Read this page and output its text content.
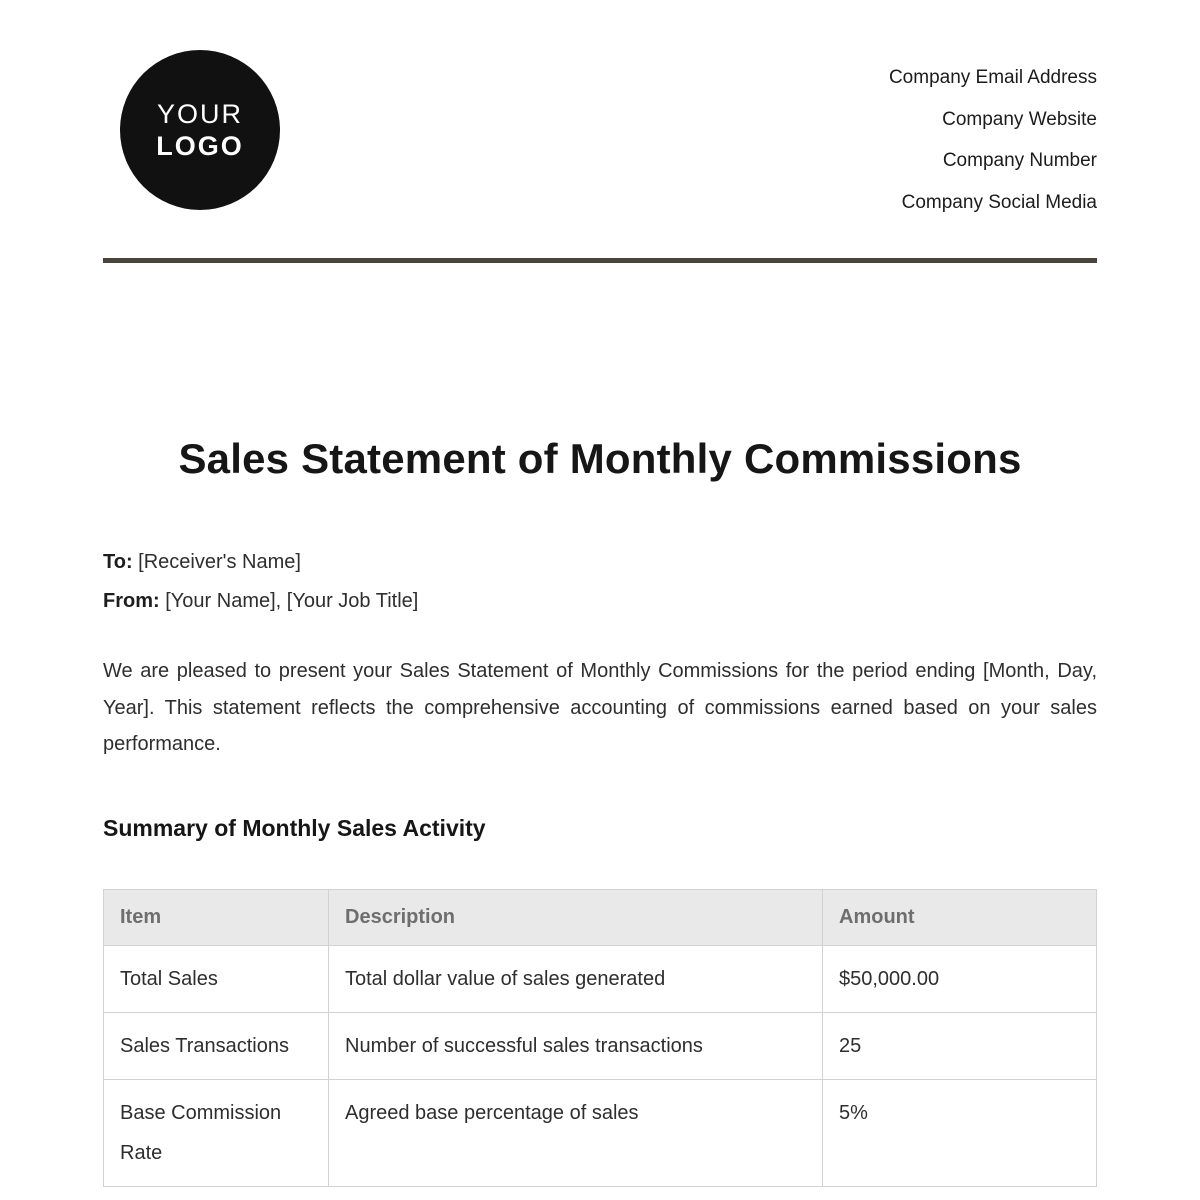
YOUR
LOGO
Company Email Address
Company Website
Company Number
Company Social Media
Sales Statement of Monthly Commissions
To: [Receiver's Name]
From: [Your Name], [Your Job Title]

We are pleased to present your Sales Statement of Monthly Commissions for the period ending [Month, Day, Year]. This statement reflects the comprehensive accounting of commissions earned based on your sales performance.

Summary of Monthly Sales Activity
Item	Description	Amount
Total Sales	Total dollar value of sales generated	$50,000.00
Sales Transactions	Number of successful sales transactions	25
Base Commission Rate	Agreed base percentage of sales	5%
